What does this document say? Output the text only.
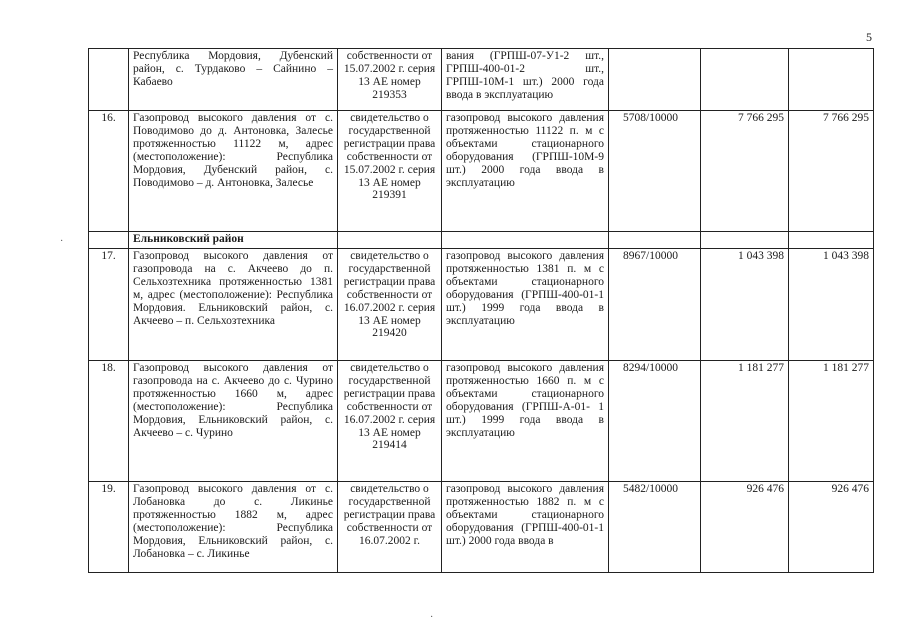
5
	Республика Мордовия, Дубенский район, с. Турдаково – Сайнино – Кабаево	собственности от 15.07.2002 г. серия 13 АЕ номер 219353	вания (ГРПШ-07-У1-2 шт., ГРПШ-400-01-2 шт., ГРПШ-10М-1 шт.) 2000 года ввода в эксплуатацию			
16.	Газопровод высокого давления от с. Поводимово до д. Антоновка, Залесье протяженностью 11122 м, адрес (местоположение): Республика Мордовия, Дубенский район, с. Поводимово – д. Антоновка, Залесье	свидетельство о государственной регистрации права собственности от 15.07.2002 г. серия 13 АЕ номер 219391	газопровод высокого давления протяженностью 11122 п. м с объектами стационарного оборудования (ГРПШ-10М-9 шт.) 2000 года ввода в эксплуатацию	5708/10000	7 766 295	7 766 295
	Ельниковский район					
17.	Газопровод высокого давления от газопровода на с. Акчеево до п. Сельхозтехника протяженностью 1381 м, адрес (местоположение): Республика Мордовия. Ельниковский район, с. Акчеево – п. Сельхозтехника	свидетельство о государственной регистрации права собственности от 16.07.2002 г. серия 13 АЕ номер 219420	газопровод высокого давления протяженностью 1381 п. м с объектами стационарного оборудования (ГРПШ-400-01-1 шт.) 1999 года ввода в эксплуатацию	8967/10000	1 043 398	1 043 398
18.	Газопровод высокого давления от газопровода на с. Акчеево до с. Чурино протяженностью 1660 м, адрес (местоположение): Республика Мордовия, Ельниковский район, с. Акчеево – с. Чурино	свидетельство о государственной регистрации права собственности от 16.07.2002 г. серия 13 АЕ номер 219414	газопровод высокого давления протяженностью 1660 п. м с объектами стационарного оборудования (ГРПШ-А-01- 1 шт.) 1999 года ввода в эксплуатацию	8294/10000	1 181 277	1 181 277
19.	Газопровод высокого давления от с. Лобановка до с. Ликинье протяженностью 1882 м, адрес (местоположение): Республика Мордовия, Ельниковский район, с. Лобановка – с. Ликинье	свидетельство о государственной регистрации права собственности от 16.07.2002 г.	газопровод высокого давления протяженностью 1882 п. м с объектами стационарного оборудования (ГРПШ-400-01-1 шт.) 2000 года ввода в	5482/10000	926 476	926 476
·
·
